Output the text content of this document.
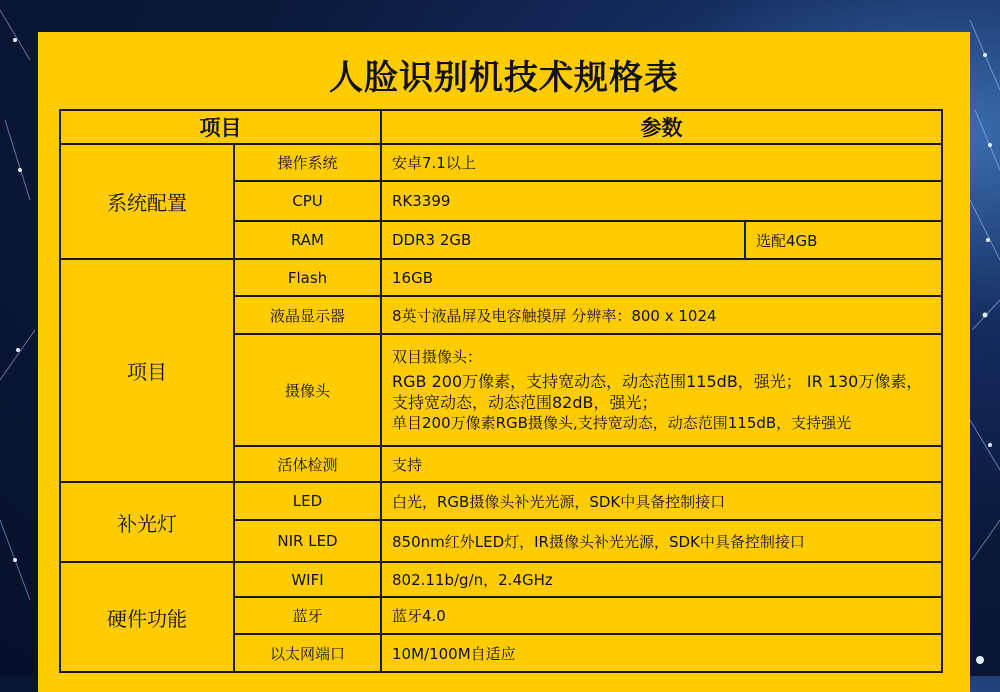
人脸识别机技术规格表
项目		参数	
系统配置	操作系统	安卓7.1以上	
	CPU	RK3399	
	RAM	DDR3 2GB	选配4GB
项目	Flash	16GB	
	液晶显示器	8英寸液晶屏及电容触摸屏 分辨率：800 x 1024	
	摄像头	双目摄像头：
RGB 200万像素，支持宽动态，动态范围115dB，强光； IR 130万像素，支持宽动态，动态范围82dB，强光；
单目200万像素RGB摄像头,支持宽动态，动态范围115dB，支持强光	

	活体检测	支持	
补光灯	LED	白光，RGB摄像头补光光源，SDK中具备控制接口	
	NIR LED	850nm红外LED灯，IR摄像头补光光源，SDK中具备控制接口	
硬件功能	WIFI	802.11b/g/n，2.4GHz	
	蓝牙	蓝牙4.0	
	以太网端口	10M/100M自适应	
